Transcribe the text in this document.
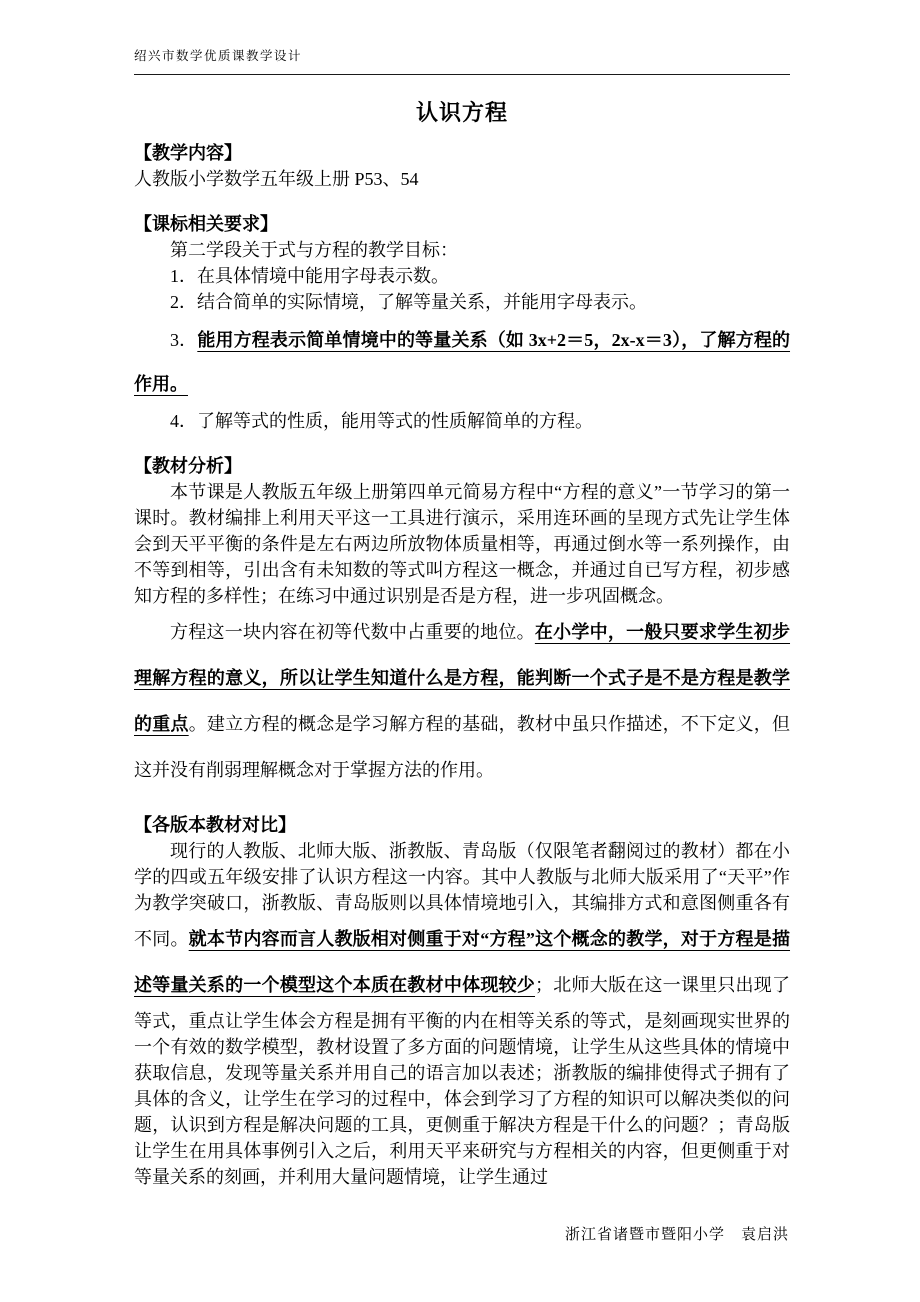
绍兴市数学优质课教学设计
认识方程
【教学内容】

人教版小学数学五年级上册 P53、54

【课标相关要求】

第二学段关于式与方程的教学目标：

1．在具体情境中能用字母表示数。

2．结合简单的实际情境，了解等量关系，并能用字母表示。

3．能用方程表示简单情境中的等量关系（如 3x+2＝5，2x-x＝3），了解方程的作用。

4．了解等式的性质，能用等式的性质解简单的方程。

【教材分析】

本节课是人教版五年级上册第四单元简易方程中“方程的意义”一节学习的第一课时。教材编排上利用天平这一工具进行演示，采用连环画的呈现方式先让学生体会到天平平衡的条件是左右两边所放物体质量相等，再通过倒水等一系列操作，由不等到相等，引出含有未知数的等式叫方程这一概念，并通过自已写方程，初步感知方程的多样性；在练习中通过识别是否是方程，进一步巩固概念。

方程这一块内容在初等代数中占重要的地位。在小学中，一般只要求学生初步理解方程的意义，所以让学生知道什么是方程，能判断一个式子是不是方程是教学的重点。建立方程的概念是学习解方程的基础，教材中虽只作描述，不下定义，但这并没有削弱理解概念对于掌握方法的作用。

【各版本教材对比】

现行的人教版、北师大版、浙教版、青岛版（仅限笔者翻阅过的教材）都在小学的四或五年级安排了认识方程这一内容。其中人教版与北师大版采用了“天平”作为教学突破口，浙教版、青岛版则以具体情境地引入，其编排方式和意图侧重各有不同。就本节内容而言人教版相对侧重于对“方程”这个概念的教学，对于方程是描述等量关系的一个模型这个本质在教材中体现较少；北师大版在这一课里只出现了等式，重点让学生体会方程是拥有平衡的内在相等关系的等式，是刻画现实世界的一个有效的数学模型，教材设置了多方面的问题情境，让学生从这些具体的情境中获取信息，发现等量关系并用自己的语言加以表述；浙教版的编排使得式子拥有了具体的含义，让学生在学习的过程中，体会到学习了方程的知识可以解决类似的问题，认识到方程是解决问题的工具，更侧重于解决方程是干什么的问题？；青岛版让学生在用具体事例引入之后，利用天平来研究与方程相关的内容，但更侧重于对等量关系的刻画，并利用大量问题情境，让学生通过

浙江省诸暨市暨阳小学　袁启洪
